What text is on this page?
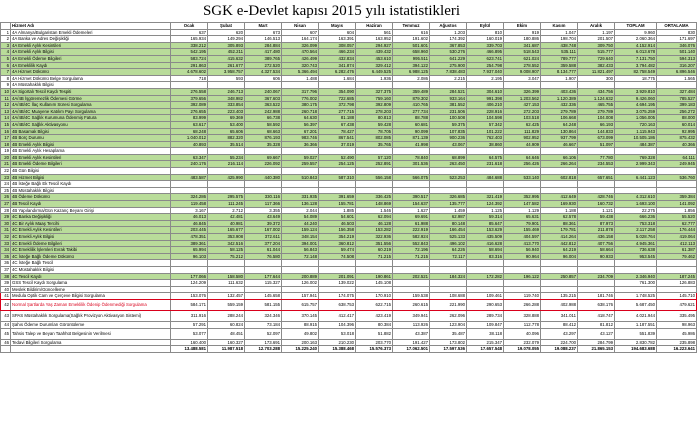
SGK e-Devlet kapısı 2015 yılı istatistikleri
	Hizmet Adı	Ocak	Şubat	Mart	Nisan	Mayıs	Haziran	Temmuz	Ağustos	Eylül	Ekim	Kasım	Aralık	TOPLAM	ORTALAMA
1	4A Almanya/Bulgaristan Emekli Ödemeleri	637	620	673	607	604	561	616	1.203	810	919	1.047	1.197	9.960	830
2	4A Banka ve Adres Değişikliği	165.934	149.294	146.513	164.174	163.391	163.952	191.602	174.392	160.019	180.886	198.704	201.507	2.060.364	171.697
3	4A Emekli Aylık Kesintileri	338.212	305.893	284.884	326.099	308.057	294.927	501.601	367.853	339.703	341.687	438.748	309.750	4.152.914	346.076
4	4A Emekli Aylık Bilgisi	542.195	452.211	417.480	470.564	466.234	439.432	658.960	530.276	466.895	518.543	535.111	515.777	6.013.678	501.140
5	4A Emekli Ödeme Bilgileri	583.724	415.632	389.765	426.499	432.834	453.610	995.511	641.229	623.741	621.024	789.777	729.640	7.131.750	594.313
6	4A Emeklilik Kaydı	291.863	261.677	272.520	320.743	341.874	329.412	394.122	275.900	254.798	278.552	359.588	382.433	3.794.482	316.207
7	4A Hizmet Dökümü	4.678.602	3.958.757	4.327.534	5.366.494	6.282.476	6.449.525	6.988.125	7.838.483	7.937.040	9.008.907	8.134.777	11.821.497	82.758.549	6.896.546
8	4A Hizmet Dökümü Belge Sorgulama	718	593	606	1.488	1.684	1.936	2.086	2.215	2.195	3.047	1.907	300	18.775	1.565
9	4A Müstahaklık Bilgisi														
10	4A Sigortalı Tescil Kaydı Tespiti	276.558	246.713	240.067	317.796	354.090	327.375	359.489	284.521	304.610	326.399	403.436	434.756	3.929.810	327.484
11	4A/4B İşgöremezlik Ödemesi Görme	379.656	348.982	367.603	776.002	722.685	759.160	879.302	933.164	991.398	1.203.562	1.120.389	1.124.632	9.426.060	785.527
12	4A/4B/4C İlaç Kullanım Süresi Sorgulama	392.089	333.854	363.522	380.175	372.798	392.809	410.765	381.552	406.210	427.153	432.336	465.755	4.694.195	399.183
13	4A/4B/4C Muayene Katılım Payı Sorgulama	276.655	223.403	242.988	260.718	277.715	278.203	277.734	231.506	228.916	272.203	279.789	279.789	3.075.259	256.272
14	4A/4B/4C Sağlık Kurumuna Ödenmiş Fatura	83.999	69.369	66.738	64.630	81.188	80.813	88.788	100.508	104.598	103.518	106.668	104.008	1.056.005	88.000
15	4A/4B/4C Sağlık Aktivasyonu	63.617	53.400	58.592	56.397	67.438	59.428	60.681	59.375	57.342	62.425	64.248	66.193	720.163	60.014
16	4B Basamak Bilgisi	68.248	65.606	68.663	67.201	78.427	78.705	90.099	107.835	101.222	111.829	130.864	144.833	1.115.943	92.995
17	4B Borç Durumu	1.040.012	882.320	876.193	983.746	867.541	802.085	871.139	900.236	762.403	902.952	937.799	673.099	10.505.186	875.432
18	4B Emekli Aylık Bilgisi	40.893	35.514	35.328	36.366	37.019	35.765	41.998	43.067	38.860	44.909	46.667	51.097	484.387	40.366
19	4B Emekli Aylık Hesaplama														
20	4B Emekli Aylık Kesintileri	63.347	55.234	69.667	59.027	52.490	57.120	78.840	68.899	64.575	64.646	66.106	77.780	769.328	64.111
21	4B Emekli Ödeme Bilgileri	240.176	216.114	226.092	259.557	254.125	252.891	301.536	263.450	231.618	256.426	266.264	234.553	2.999.343	249.945
22	4B Gün Bilgisi														
23	4B Hizmet Bilgisi	483.587	425.990	440.380	510.843	587.310	556.158	566.075	523.253	484.688	533.140	602.818	657.651	6.441.123	536.760
24	4B İsteğe Bağlı Ek Tescil Kaydı														
25	4B Müstahaklık Bilgisi														
26	4B Ödeme Dökümü	324.286	295.575	330.116	331.935	391.659	336.425	390.517	326.685	321.419	352.995	412.649	428.746	4.312.610	359.384
27	4B Tescil Kaydı	119.458	111.245	117.366	136.128	155.781	148.869	154.637	135.777	124.392	147.582	169.930	160.732	1.693.100	141.092
28	4B Yapılandırma/Gün Kazanç Beyanı Girişi	3.167	2.712	3.355	2.044	1.885	1.546	1.627	1.459	1.125	1.129	1.188	1.121	22.275	1.856
29	4C Banka Değişikliği	46.013	42.481	43.649	54.089	54.601	62.094	69.691	62.987	59.314	65.631	62.578	59.438	666.236	55.520
30	4C Bir Aylık Maaş Tercihi	46.845	40.981	39.372	44.240	46.503	46.128	61.988	80.148	85.647	79.901	88.361	87.973	753.318	62.777
31	4C Emekli Aylık Kesintileri	203.445	165.677	167.002	159.124	156.358	153.282	222.919	166.454	153.629	155.469	179.781	211.878	2.117.258	176.444
32	4C Emekli Aylık Bilgisi	478.351	353.908	372.611	348.154	354.219	322.936	582.924	525.133	435.509	404.597	414.264	436.158	5.028.764	419.064
33	4C Emekli Ödeme Bilgileri	389.361	342.516	377.204	394.001	360.812	351.556	552.843	496.102	416.628	413.770	442.812	407.756	4.945.361	412.113
34	4C Emeklilik İşlemleri Evrak Takibi	65.994	58.125	61.044	56.843	59.474	60.219	72.196	64.226	58.694	56.940	64.219	58.664	736.638	61.387
35	4C İsteğe Bağlı Ödeme Dökümü	96.103	75.212	76.580	72.148	74.508	71.215	71.215	72.117	83.316	90.964	96.004	90.933	953.545	79.462
36	4C İsteğe Bağlı Tescil														
37	4C Müstahaklık Bilgisi														
38	4C Tescil Kaydı	177.066	158.580	177.644	200.889	201.091	190.861	202.521	184.324	172.282	196.122	250.857	234.709	2.346.940	187.245
39	GSS Tescil Kaydı Sorgulama	124.209	111.632	115.327	126.002	139.022	145.108							761.300	126.883
40	Meslek Bildirim/Güncelleme														
41	Medula Optik Cam ve Çerçeve Bilgisi Sorgulama	153.076	132.457	145.658	157.941	174.075	170.910	159.538	108.688	109.461	119.740	135.215	181.746	1.748.525	145.710
42	Normal Şartlarda Yaş Zaman Emeklilik Ödenip Ödenmediği Sorgulama	584.171	559.159	581.155	615.757	638.753	622.715	260.615	221.990	290.653	266.288	402.988	638.176	5.687.450	479.621
43	SPAS Müstahaklık Sorgulama(Sağlık Provizyon Aktivasyon Sistemi)	311.916	288.244	324.346	370.145	412.417	423.419	349.941	262.096	289.734	328.888	341.011	418.747	4.021.944	335.495
44	Şahıs Ödeme Durumları Görüntüleme	57.291	60.824	73.184	88.915	104.396	80.384	113.926	123.904	109.847	112.778	88.412	81.812	1.187.551	98.963
45	Tahsis Talep ve Beyan Taahhüt Belgesinin Verilmesi	53.077	48.451	52.097	49.802	53.018	51.882	43.387	35.487	38.118	40.096	43.297	43.127	551.839	45.986
46	Tedavi Bilgileri Sorgulama	160.400	160.327	173.691	200.163	210.230	203.770	191.427	173.802	215.347	232.079	224.700	284.799	2.830.782	235.898
		13.488.581	11.987.518	12.703.288	15.225.240	15.388.468	15.576.373	17.062.501	17.597.536	17.657.548	19.078.055	19.088.237	21.865.153	194.683.688	16.223.641
